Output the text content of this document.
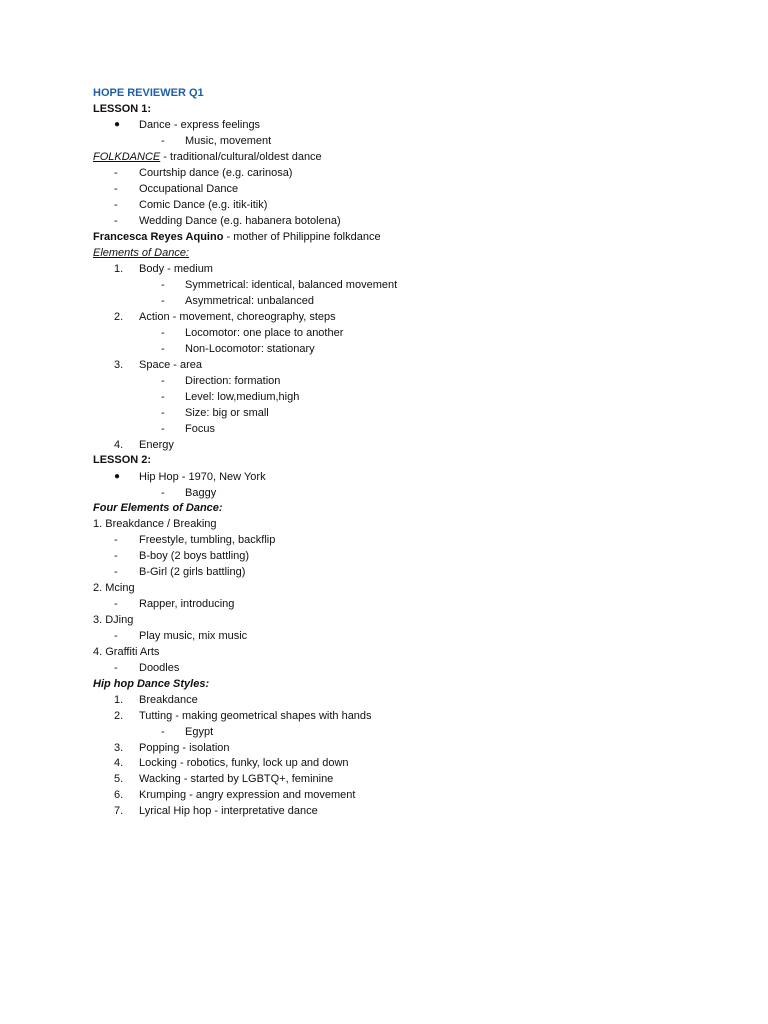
HOPE REVIEWER Q1
LESSON 1:
● Dance - express feelings
- Music, movement
FOLKDANCE - traditional/cultural/oldest dance
- Courtship dance (e.g. carinosa)
- Occupational Dance
- Comic Dance (e.g. itik-itik)
- Wedding Dance (e.g. habanera botolena)
Francesca Reyes Aquino - mother of Philippine folkdance
Elements of Dance:
1. Body - medium
- Symmetrical: identical, balanced movement
- Asymmetrical: unbalanced
2. Action - movement, choreography, steps
- Locomotor: one place to another
- Non-Locomotor: stationary
3. Space - area
- Direction: formation
- Level: low,medium,high
- Size: big or small
- Focus
4. Energy
LESSON 2:
● Hip Hop - 1970, New York
- Baggy
Four Elements of Dance:
1. Breakdance / Breaking
- Freestyle, tumbling, backflip
- B-boy (2 boys battling)
- B-Girl (2 girls battling)
2. Mcing
- Rapper, introducing
3. DJing
- Play music, mix music
4. Graffiti Arts
- Doodles
Hip hop Dance Styles:
1. Breakdance
2. Tutting - making geometrical shapes with hands
- Egypt
3. Popping - isolation
4. Locking - robotics, funky, lock up and down
5. Wacking - started by LGBTQ+, feminine
6. Krumping - angry expression and movement
7. Lyrical Hip hop - interpretative dance
